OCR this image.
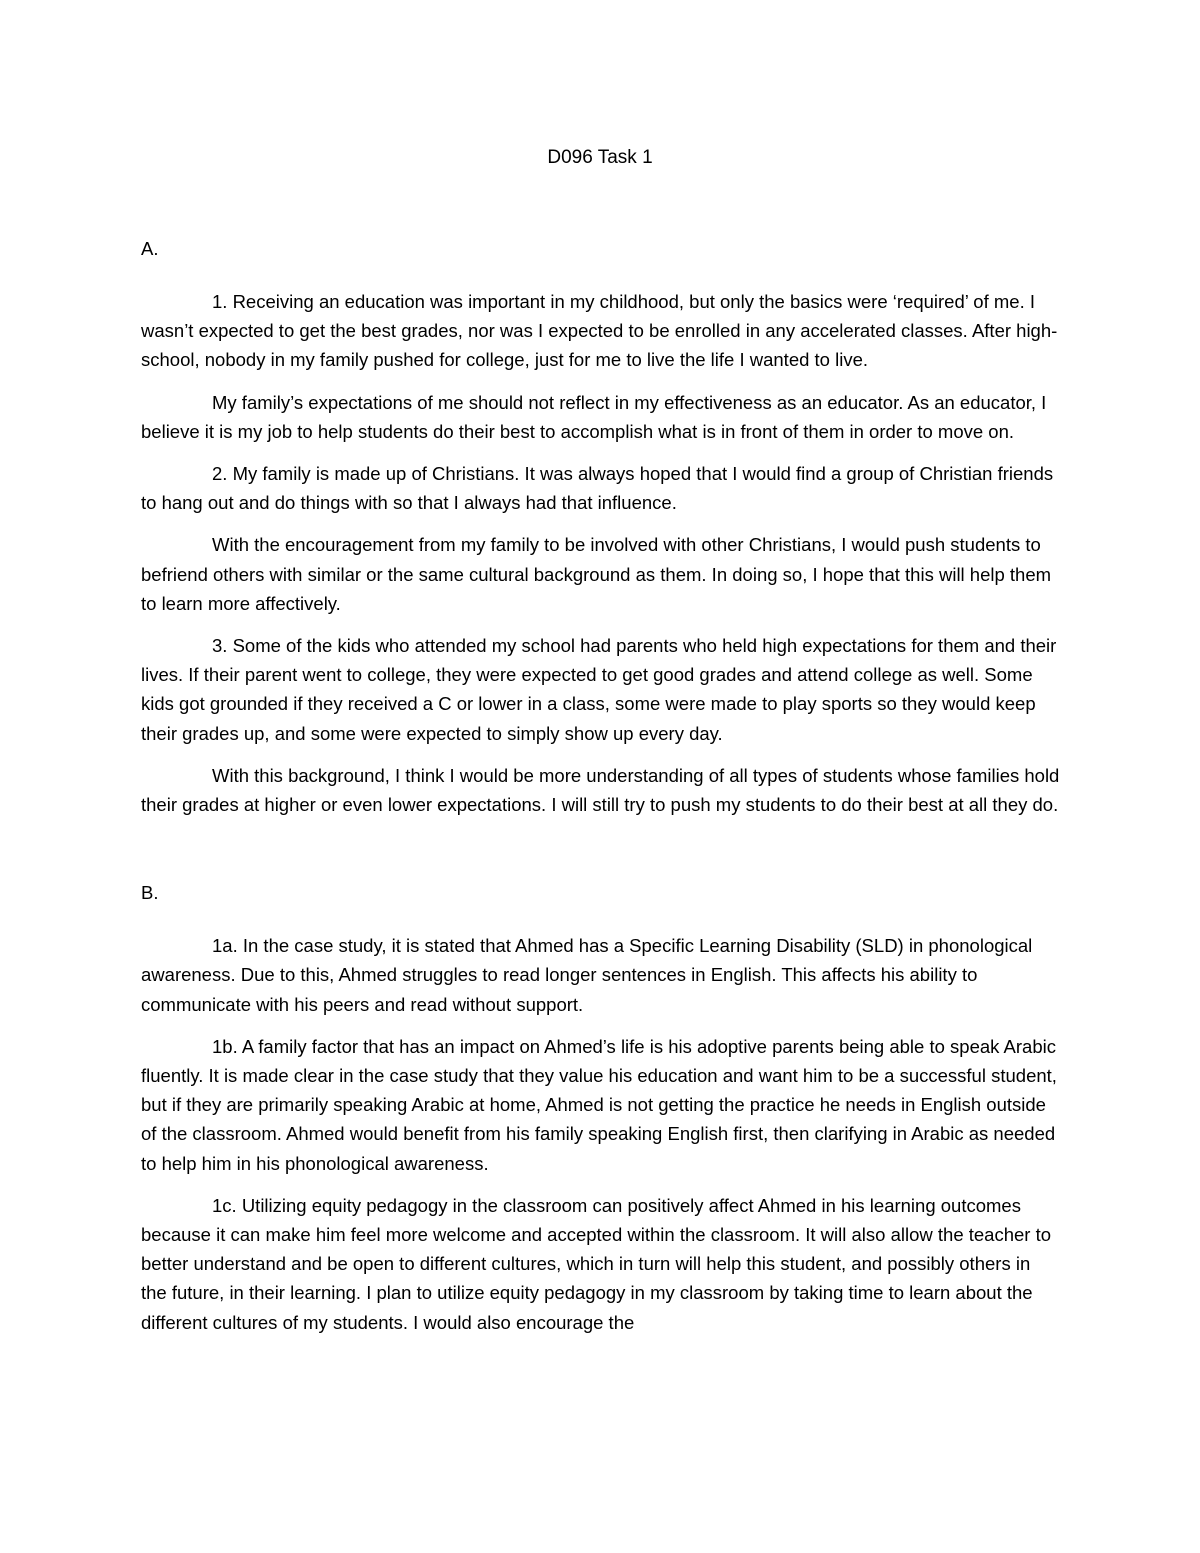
D096 Task 1

A.

1. Receiving an education was important in my childhood, but only the basics were ‘required’ of me. I wasn’t expected to get the best grades, nor was I expected to be enrolled in any accelerated classes. After high-school, nobody in my family pushed for college, just for me to live the life I wanted to live.

My family’s expectations of me should not reflect in my effectiveness as an educator. As an educator, I believe it is my job to help students do their best to accomplish what is in front of them in order to move on.

2. My family is made up of Christians. It was always hoped that I would find a group of Christian friends to hang out and do things with so that I always had that influence.

With the encouragement from my family to be involved with other Christians, I would push students to befriend others with similar or the same cultural background as them. In doing so, I hope that this will help them to learn more affectively.

3. Some of the kids who attended my school had parents who held high expectations for them and their lives. If their parent went to college, they were expected to get good grades and attend college as well. Some kids got grounded if they received a C or lower in a class, some were made to play sports so they would keep their grades up, and some were expected to simply show up every day.

With this background, I think I would be more understanding of all types of students whose families hold their grades at higher or even lower expectations. I will still try to push my students to do their best at all they do.

B.

1a. In the case study, it is stated that Ahmed has a Specific Learning Disability (SLD) in phonological awareness. Due to this, Ahmed struggles to read longer sentences in English. This affects his ability to communicate with his peers and read without support.

1b. A family factor that has an impact on Ahmed’s life is his adoptive parents being able to speak Arabic fluently. It is made clear in the case study that they value his education and want him to be a successful student, but if they are primarily speaking Arabic at home, Ahmed is not getting the practice he needs in English outside of the classroom. Ahmed would benefit from his family speaking English first, then clarifying in Arabic as needed to help him in his phonological awareness.

1c. Utilizing equity pedagogy in the classroom can positively affect Ahmed in his learning outcomes because it can make him feel more welcome and accepted within the classroom. It will also allow the teacher to better understand and be open to different cultures, which in turn will help this student, and possibly others in the future, in their learning. I plan to utilize equity pedagogy in my classroom by taking time to learn about the different cultures of my students. I would also encourage the
